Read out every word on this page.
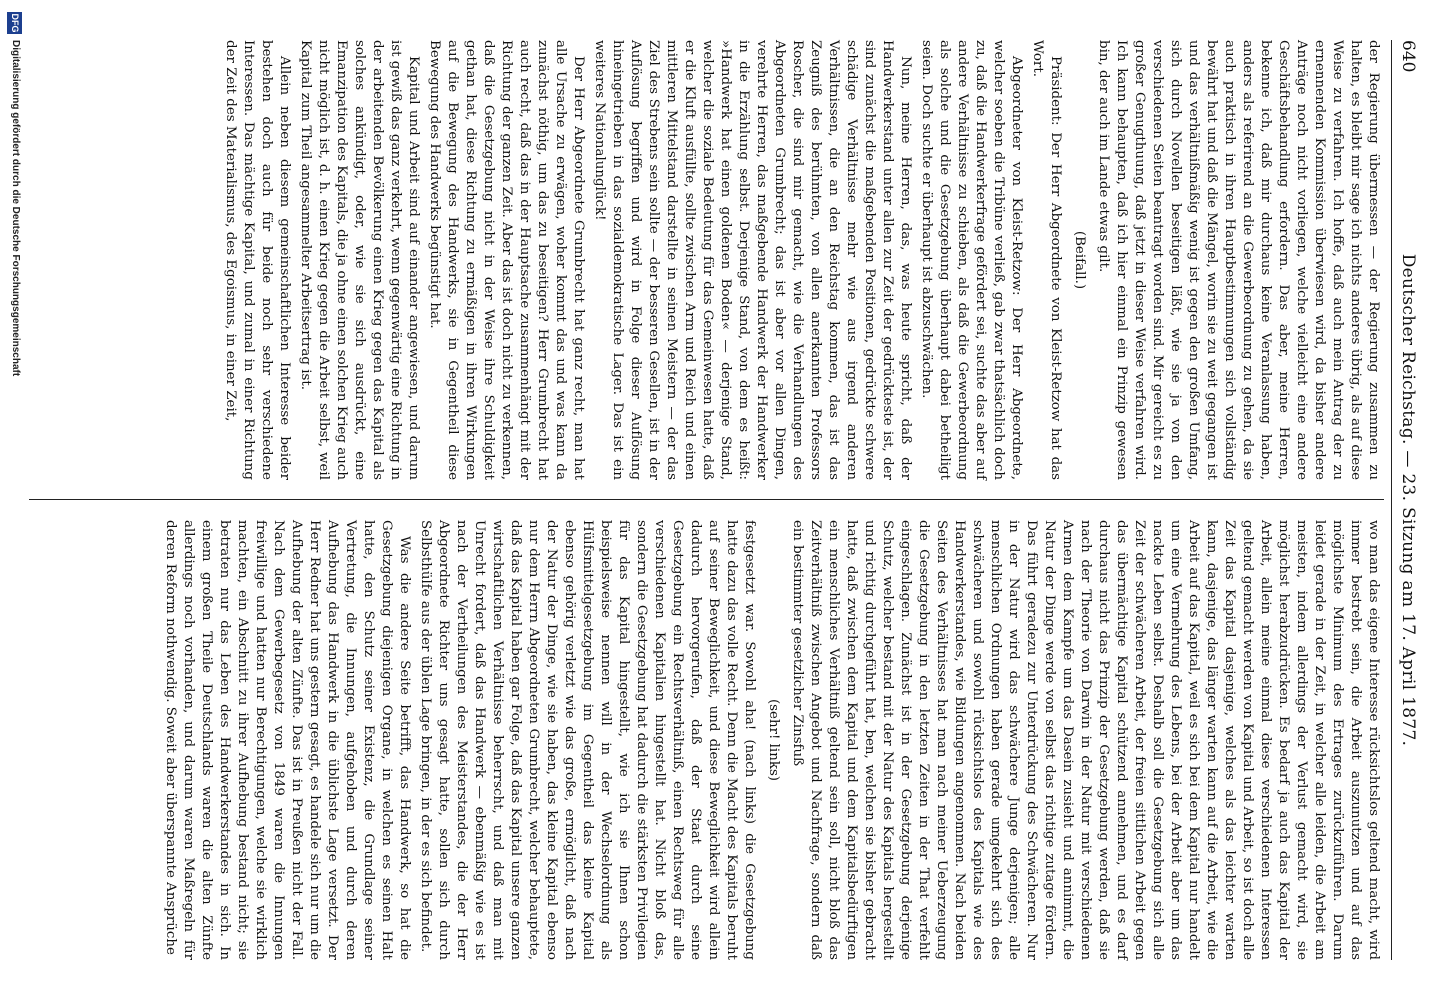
640
Deutscher Reichstag. — 23. Sitzung am 17. April 1877.

der Regierung übermessen — der Regierung zusammen zu halten, es bleibt mir sage ich nichts anderes übrig, als auf diese Weise zu verfahren. Ich hoffe, daß auch mein Antrag der zu ernennenden Kommission überwiesen wird, da bisher andere Anträge noch nicht vorliegen, welche vielleicht eine andere Geschäftsbehandlung erfordern. Das aber, meine Herren, bekenne ich, daß mir durchaus keine Veranlassung haben, anders als referirend an die Gewerbeordnung zu gehen, da sie auch praktisch in ihren Hauptbestimmungen sich vollständig bewährt hat und daß die Mängel, worin sie zu weit gegangen ist und das verhältnißmäßig wenig ist gegen den großen Umfang, sich durch Novellen beseitigen läßt, wie sie ja von den verschiedenen Seiten beantragt worden sind. Mir gereicht es zu großer Genugthuung, daß jetzt in dieser Weise verfahren wird. Ich kann behaupten, daß ich hier einmal ein Prinzip gewesen bin, der auch im Lande etwas gilt.

(Beifall.)

Präsident: Der Herr Abgeordnete von Kleist-Retzow hat das Wort.

Abgeordneter von Kleist-Retzow: Der Herr Abgeordnete, welcher soeben die Tribüne verließ, gab zwar thatsächlich doch zu, daß die Handwerkerfrage gefördert sei, suchte das aber auf andere Verhältnisse zu schieben, als daß die Gewerbeordnung als solche und die Gesetzgebung überhaupt dabei betheiligt seien. Doch suchte er überhaupt ist abzuschwächen.

Nun, meine Herren, das, was heute spricht, daß der Handwerkerstand unter allen zur Zeit der gedrückteste ist, der sind zunächst die maßgebenden Positionen, gedrückte schwere schädige Verhältnisse mehr wie aus irgend anderen Verhältnissen, die an den Reichstag kommen, das ist das Zeugniß des berühmten, von allen anerkannten Professors Roscher, die sind mir gemacht, wie die Verhandlungen des Abgeordneten Grumbrecht; das ist aber vor allen Dingen, verehrte Herren, das maßgebende Handwerk der Handwerker in die Erzählung selbst. Derjenige Stand, von dem es heißt: »Handwerk hat einen goldenen Boden« — derjenige Stand, welcher die soziale Bedeutung für das Gemeinwesen hatte, daß er die Kluft ausfüllte, sollte zwischen Arm und Reich und einen mittleren Mittelstand darstellte in seinen Meistern — der das Ziel des Strebens sein sollte — der besseren Gesellen, ist in der Auflösung begriffen und wird in Folge dieser Auflösung hineingetrieben in das sozialdemokratische Lager. Das ist ein weiteres Nationalunglück!

Der Herr Abgeordnete Grumbrecht hat ganz recht, man hat alle Ursache zu erwägen, woher kommt das und was kann da zunächst nöthig, um das zu beseitigen? Herr Grumbrecht hat auch recht, daß das in der Hauptsache zusammenhängt mit der Richtung der ganzen Zeit. Aber das ist doch nicht zu verkennen, daß die Gesetzgebung nicht in der Weise ihre Schuldigkeit gethan hat, diese Richtung zu ermäßigen in ihren Wirkungen auf die Bewegung des Handwerks, sie in Gegentheil diese Bewegung des Handwerks begünstigt hat.

Kapital und Arbeit sind auf einander angewiesen, und darum ist gewiß das ganz verkehrt, wenn gegenwärtig eine Richtung in der arbeitenden Bevölkerung einen Krieg gegen das Kapital als solches ankündigt, oder, wie sie sich ausdrückt, eine Emanzipation des Kapitals, die ja ohne einen solchen Krieg auch nicht möglich ist, d. h. einen Krieg gegen die Arbeit selbst, weil Kapital zum Theil angesammelter Arbeitsertrag ist.

Allein neben diesem gemeinschaftlichen Interesse beider bestehen doch auch für beide noch sehr verschiedene Interessen. Das mächtige Kapital, und zumal in einer Richtung der Zeit des Materialismus, des Egoismus, in einer Zeit,

wo man das eigene Interesse rücksichtslos geltend macht, wird immer bestrebt sein, die Arbeit auszunutzen und auf das möglichste Minimum des Ertrages zurückzuführen. Darum leidet gerade in der Zeit, in welcher alle leiden, die Arbeit am meisten, indem allerdings der Verlust gemacht wird, sie möglichst herabzudrücken. Es bedarf ja auch das Kapital der Arbeit, allein meine einmal diese verschiedenen Interessen geltend gemacht werden von Kapital und Arbeit, so ist doch alle Zeit das Kapital dasjenige, welches als das leichter warten kann, dasjenige, das länger warten kann auf die Arbeit, wie die Arbeit auf das Kapital, weil es sich bei dem Kapital nur handelt um eine Vermehrung des Lebens, bei der Arbeit aber um das nackte Leben selbst. Deshalb soll die Gesetzgebung sich alle Zeit der schwächeren Arbeit, der freien sittlichen Arbeit gegen das übermächtige Kapital schützend annehmen, und es darf durchaus nicht das Prinzip der Gesetzgebung werden, daß sie nach der Theorie von Darwin in der Natur mit verschiedenen Armen dem Kampfe um das Dasein zusieht und annimmt, die Natur der Dinge werde von selbst das richtige zutage fördern. Das führt geradezu zur Unterdrückung des Schwächeren. Nur in der Natur wird das schwächere Junge derjenigen; alle menschlichen Ordnungen haben gerade umgekehrt sich des schwächeren und sowohl rücksichtslos des Kapitals wie des Handwerkerstandes, wie Bildungen angenommen. Nach beiden Seiten des Verhältnisses hat man nach meiner Ueberzeugung die Gesetzgebung in den letzten Zeiten in der That verfehlt eingeschlagen. Zunächst ist in der Gesetzgebung derjenige Schutz, welcher bestand mit der Natur des Kapitals hergestellt und richtig durchgeführt hat, ben, welchen sie bisher gebracht hatte, daß zwischen dem Kapital und dem Kapitalsbedürftigen ein menschliches Verhältniß geltend sein soll, nicht bloß das Zeitverhältniß zwischen Angebot und Nachfrage, sondern daß ein bestimmter gesetzlicher Zinsfuß

(sehr! links)

festgesetzt war. Sowohl aha! (nach links) die Gesetzgebung hatte dazu das volle Recht. Denn die Macht des Kapitals beruht auf seiner Beweglichkeit, und diese Beweglichkeit wird allein dadurch hervorgerufen, daß der Staat durch seine Gesetzgebung ein Rechtsverhältniß, einen Rechtsweg für alle verschiedenen Kapitalien hingestellt hat. Nicht bloß das, sondern die Gesetzgebung hat dadurch die stärksten Privilegien für das Kapital hingestellt, wie ich sie Ihnen schon beispielsweise nennen will in der Wechselordnung als Hülfsmittelgesetzgebung im Gegentheil das kleine Kapital ebenso gehörig verletzt wie das große, ermöglicht, daß nach der Natur der Dinge, wie sie haben, das kleine Kapital ebenso nur dem Herrn Abgeordneten Grumbrecht, welcher behauptete, daß das Kapital haben gar Folge, daß das Kapital unsere ganzen wirtschaftlichen Verhältnisse beherrscht, und daß man mit Unrecht fordert, daß das Handwerk — ebenmäßig wie es ist nach der Vertheilungen des Meisterstandes, die der Herr Abgeordnete Richter uns gesagt hatte, sollen sich durch Selbsthülfe aus der üblen Lage bringen, in der es sich befindet.

Was die andere Seite betrifft, das Handwerk, so hat die Gesetzgebung diejenigen Organe, in welchen es seinen Halt hatte, den Schutz seiner Existenz, die Grundlage seiner Vertretung, die Innungen, aufgehoben und durch deren Aufhebung das Handwerk in die üblichste Lage versetzt. Der Herr Redner hat uns gestern gesagt, es handele sich nur um die Aufhebung der alten Zünfte. Das ist in Preußen nicht der Fall. Nach dem Gewerbegesetz von 1849 waren die Innungen freiwillige und hatten nur Berechtigungen, welche sie wirklich machten, ein Abschnitt zu ihrer Aufhebung bestand nicht; sie betraten nur das Leben des Handwerkerstandes in sich. In einem großen Theile Deutschlands waren die alten Zünfte allerdings noch vorhanden, und darum waren Maßregeln für deren Reform nothwendig. Soweit aber überspannte Ansprüche

DFG
Digitalisierung gefördert durch die Deutsche Forschungsgemeinschaft
